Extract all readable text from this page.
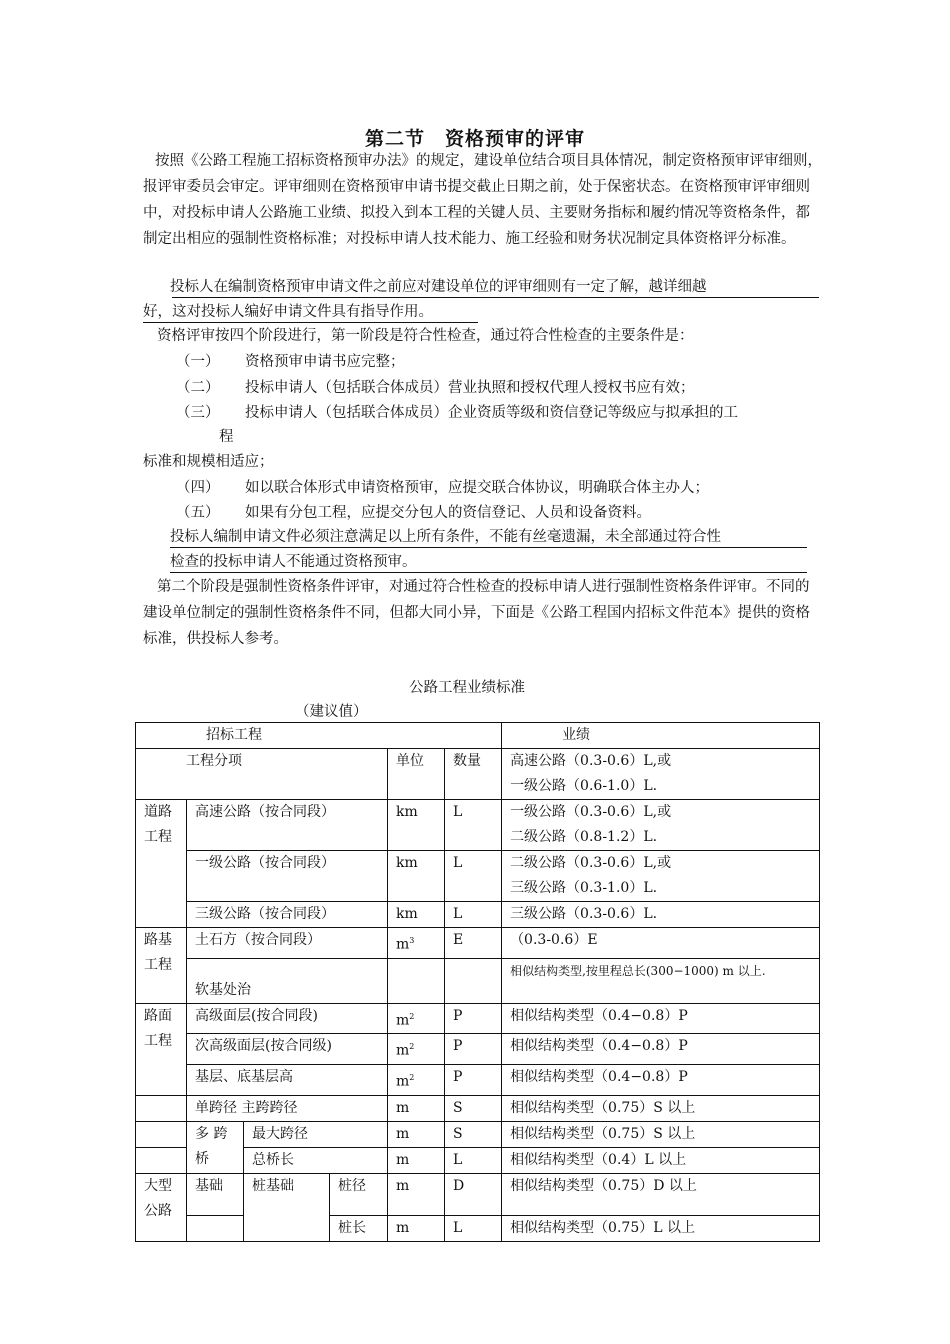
第二节　资格预审的评审

按照《公路工程施工招标资格预审办法》的规定，建设单位结合项目具体情况，制定资格预审评审细则，报评审委员会审定。评审细则在资格预审申请书提交截止日期之前，处于保密状态。在资格预审评审细则中，对投标申请人公路施工业绩、拟投入到本工程的关键人员、主要财务指标和履约情况等资格条件，都制定出相应的强制性资格标准；对投标申请人技术能力、施工经验和财务状况制定具体资格评分标准。

投标人在编制资格预审申请文件之前应对建设单位的评审细则有一定了解，越详细越
好，这对投标人编好申请文件具有指导作用。
资格评审按四个阶段进行，第一阶段是符合性检查，通过符合性检查的主要条件是：
（一） 资格预审申请书应完整；
（二） 投标申请人（包括联合体成员）营业执照和授权代理人授权书应有效；
（三） 投标申请人（包括联合体成员）企业资质等级和资信登记等级应与拟承担的工
程
标准和规模相适应；
（四） 如以联合体形式申请资格预审，应提交联合体协议，明确联合体主办人；
（五） 如果有分包工程，应提交分包人的资信登记、人员和设备资料。
投标人编制申请文件必须注意满足以上所有条件，不能有丝毫遗漏，未全部通过符合性
检查的投标申请人不能通过资格预审。

第二个阶段是强制性资格条件评审，对通过符合性检查的投标申请人进行强制性资格条件评审。不同的建设单位制定的强制性资格条件不同，但都大同小异，下面是《公路工程国内招标文件范本》提供的资格标准，供投标人参考。

公路工程业绩标准
（建议值）
招标工程						业绩
工程分项				单位	数量	高速公路（0.3-0.6）L,或
一级公路（0.6-1.0）L.

道路工程	高速公路（按合同段）			km	L	一级公路（0.3-0.6）L,或
二级公路（0.8-1.2）L.

	一级公路（按合同段）			km	L	二级公路（0.3-0.6）L,或
三级公路（0.3-1.0）L.

	三级公路（按合同段）			km	L	三级公路（0.3-0.6）L.

路基工程	土石方（按合同段）			$m^3$	E	（0.3-0.6）E
	软基处治					相似结构类型,按里程总长(300−1000) m 以上.

路面工程	高级面层(按合同段)			$m^2$	P	相似结构类型（0.4−0.8）P
	次高级面层(按合同级)			$m^2$	P	相似结构类型（0.4−0.8）P
	基层、底基层高			$m^2$	P	相似结构类型（0.4−0.8）P
	单跨径 主跨跨径			m	S	相似结构类型（0.75）S 以上

	多 跨 桥	最大跨径		m	S	相似结构类型（0.75）S 以上
		总桥长		m	L	相似结构类型（0.4）L 以上

大型公路	基础	桩基础	桩径	m	D	相似结构类型（0.75）D 以上
			桩长	m	L	相似结构类型（0.75）L 以上
